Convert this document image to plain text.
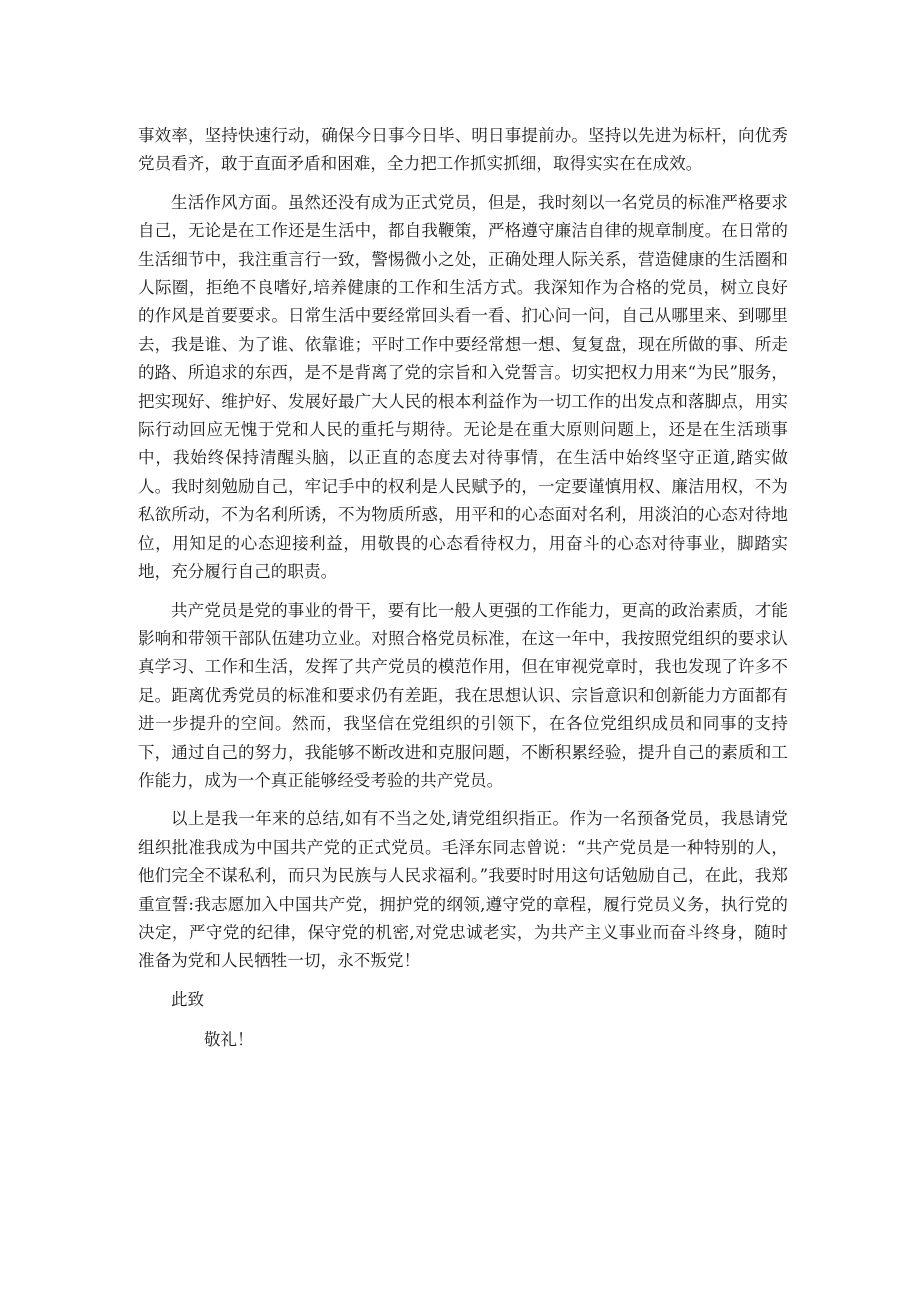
事效率，坚持快速行动，确保今日事今日毕、明日事提前办。坚持以先进为标杆，向优秀党员看齐，敢于直面矛盾和困难，全力把工作抓实抓细，取得实实在在成效。

生活作风方面。虽然还没有成为正式党员，但是，我时刻以一名党员的标准严格要求自己，无论是在工作还是生活中，都自我鞭策，严格遵守廉洁自律的规章制度。在日常的生活细节中，我注重言行一致，警惕微小之处，正确处理人际关系，营造健康的生活圈和人际圈，拒绝不良嗜好,培养健康的工作和生活方式。我深知作为合格的党员，树立良好的作风是首要要求。日常生活中要经常回头看一看、扪心问一问，自己从哪里来、到哪里去，我是谁、为了谁、依靠谁；平时工作中要经常想一想、复复盘，现在所做的事、所走的路、所追求的东西，是不是背离了党的宗旨和入党誓言。切实把权力用来“为民”服务，把实现好、维护好、发展好最广大人民的根本利益作为一切工作的出发点和落脚点，用实际行动回应无愧于党和人民的重托与期待。无论是在重大原则问题上，还是在生活琐事中，我始终保持清醒头脑，以正直的态度去对待事情，在生活中始终坚守正道,踏实做人。我时刻勉励自己，牢记手中的权利是人民赋予的，一定要谨慎用权、廉洁用权，不为私欲所动，不为名利所诱，不为物质所惑，用平和的心态面对名利，用淡泊的心态对待地位，用知足的心态迎接利益，用敬畏的心态看待权力，用奋斗的心态对待事业，脚踏实地，充分履行自己的职责。

共产党员是党的事业的骨干，要有比一般人更强的工作能力，更高的政治素质，才能影响和带领干部队伍建功立业。对照合格党员标准，在这一年中，我按照党组织的要求认真学习、工作和生活，发挥了共产党员的模范作用，但在审视党章时，我也发现了许多不足。距离优秀党员的标准和要求仍有差距，我在思想认识、宗旨意识和创新能力方面都有进一步提升的空间。然而，我坚信在党组织的引领下，在各位党组织成员和同事的支持下，通过自己的努力，我能够不断改进和克服问题，不断积累经验，提升自己的素质和工作能力，成为一个真正能够经受考验的共产党员。

以上是我一年来的总结,如有不当之处,请党组织指正。作为一名预备党员，我恳请党组织批准我成为中国共产党的正式党员。毛泽东同志曾说：“共产党员是一种特别的人，他们完全不谋私利，而只为民族与人民求福利。”我要时时用这句话勉励自己，在此，我郑重宣誓:我志愿加入中国共产党，拥护党的纲领,遵守党的章程，履行党员义务，执行党的决定，严守党的纪律，保守党的机密,对党忠诚老实，为共产主义事业而奋斗终身，随时准备为党和人民牺牲一切，永不叛党！

此致

敬礼！
